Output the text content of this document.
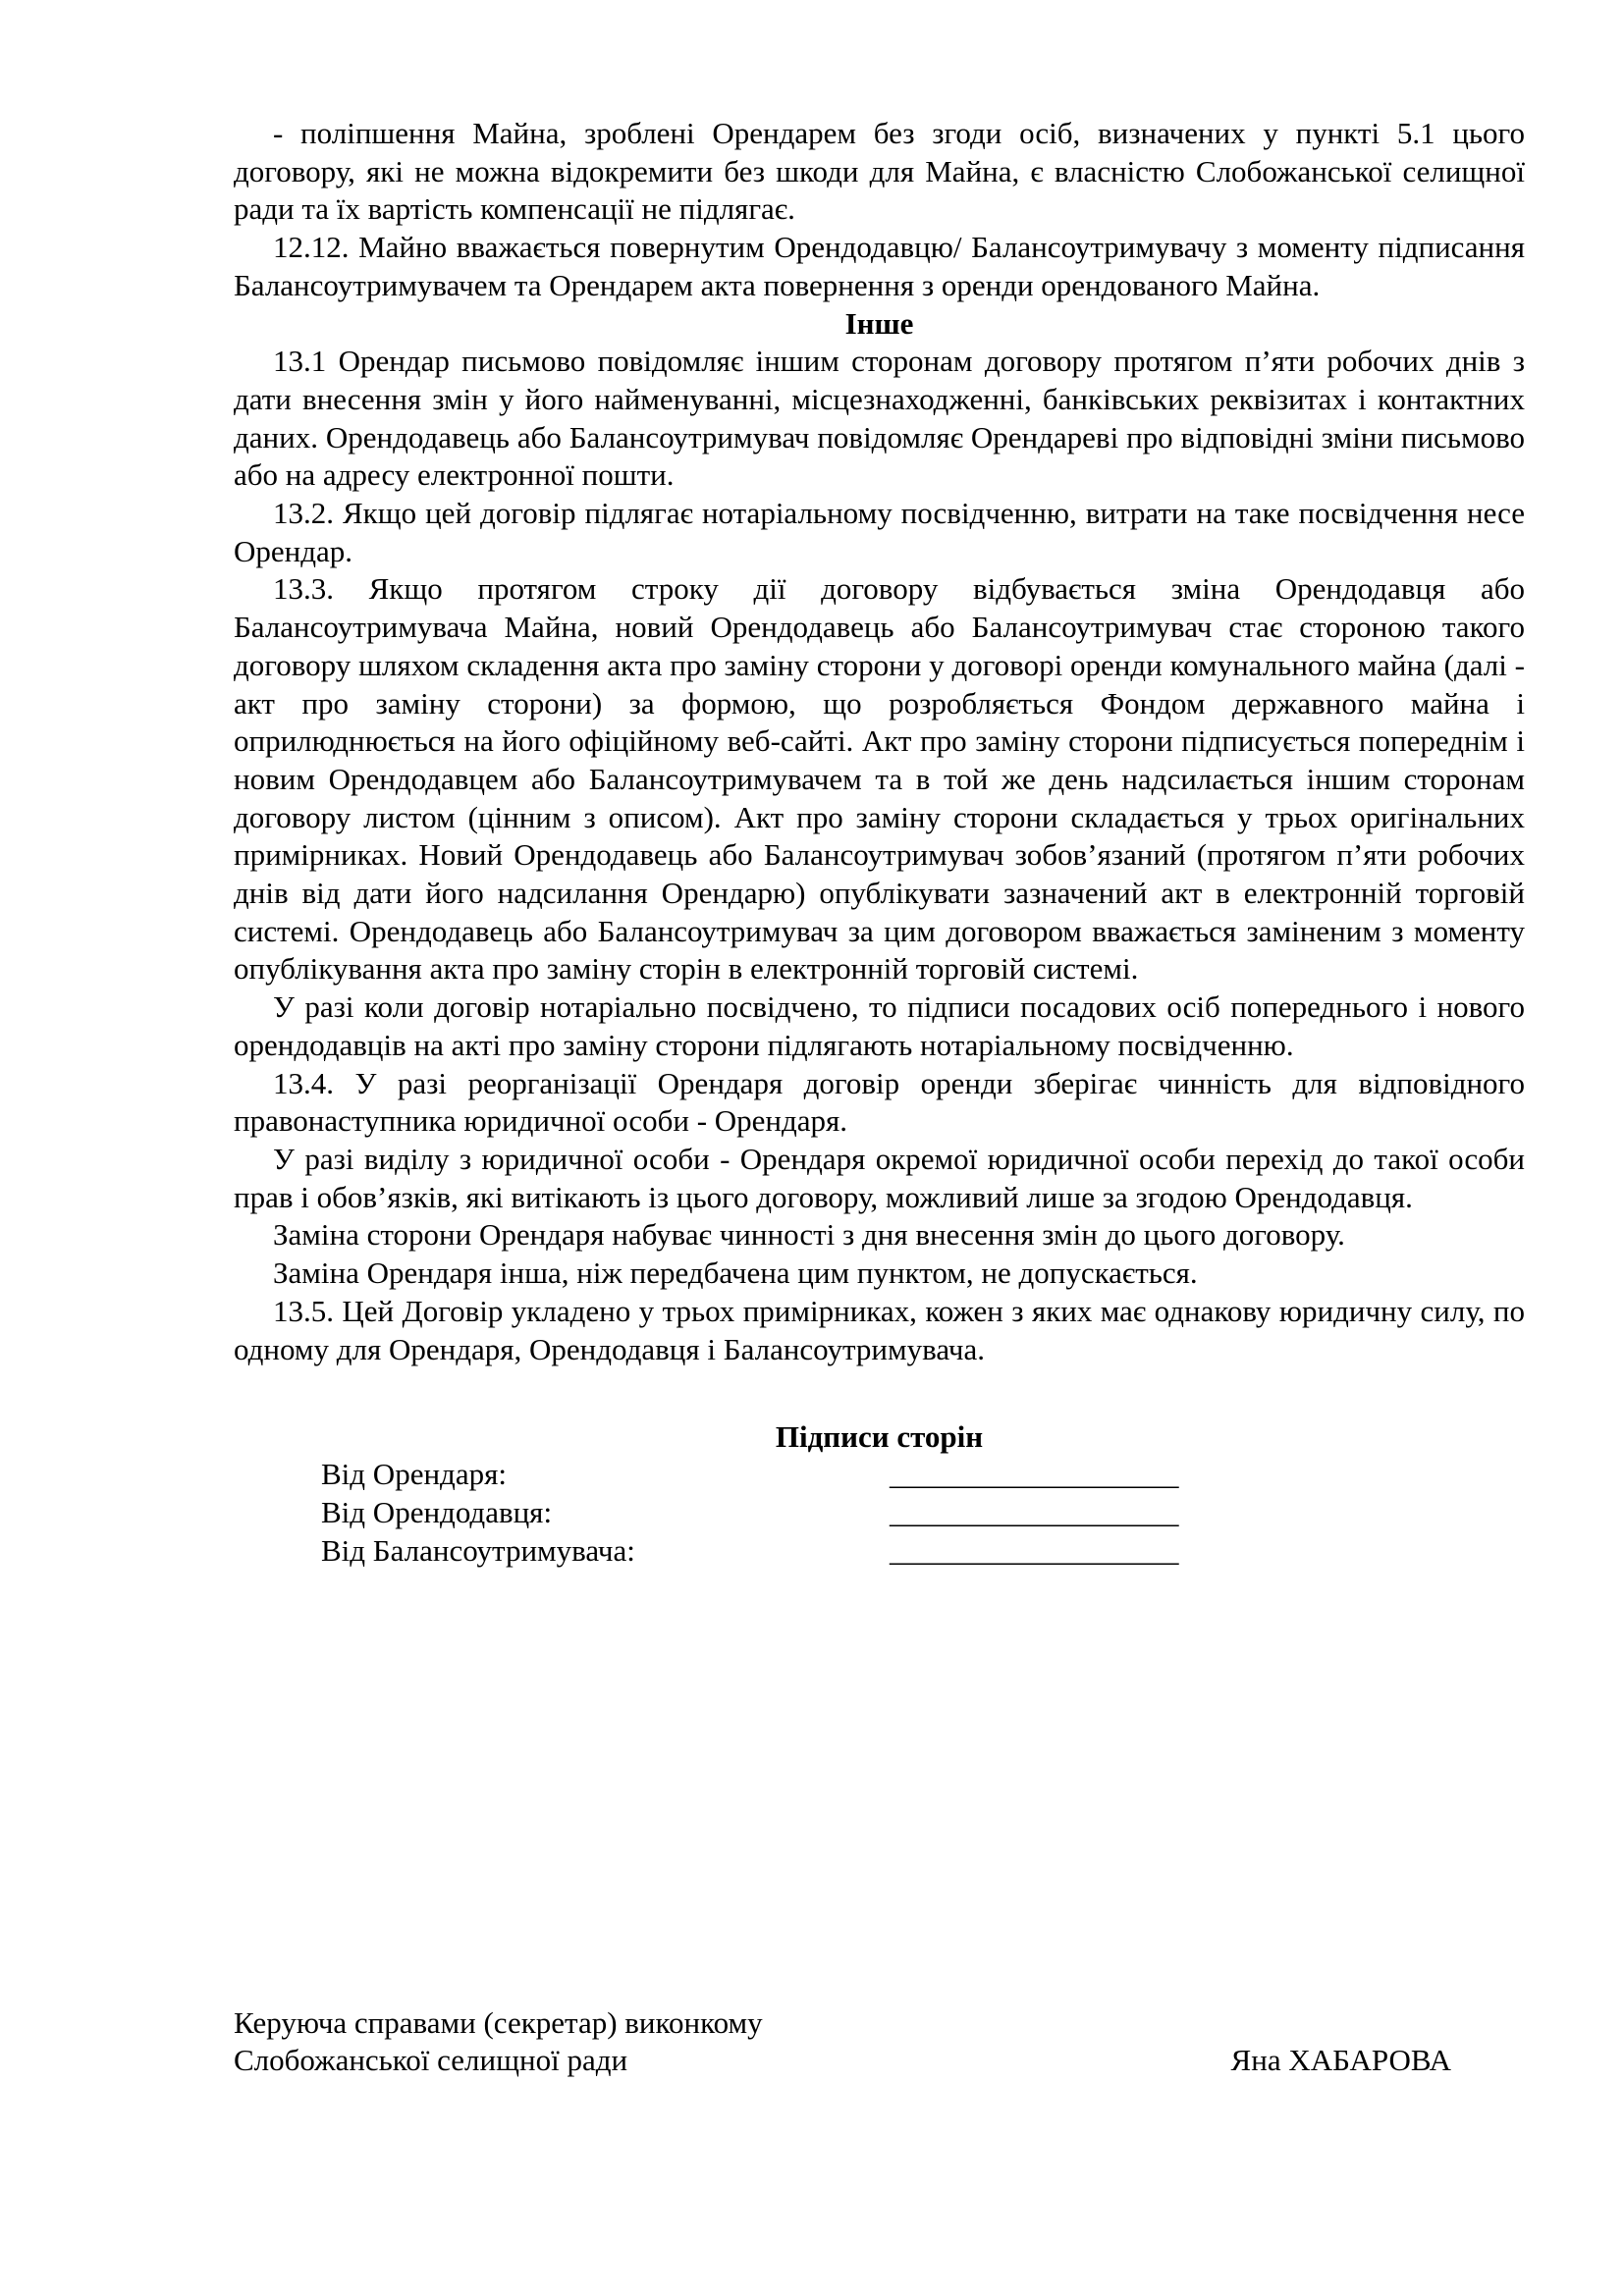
- поліпшення Майна, зроблені Орендарем без згоди осіб, визначених у пункті 5.1 цього договору, які не можна відокремити без шкоди для Майна, є власністю Слобожанської селищної ради та їх вартість компенсації не підлягає.

12.12. Майно вважається повернутим Орендодавцю/ Балансоутримувачу з моменту підписання Балансоутримувачем та Орендарем акта повернення з оренди орендованого Майна.

Інше

13.1 Орендар письмово повідомляє іншим сторонам договору протягом п’яти робочих днів з дати внесення змін у його найменуванні, місцезнаходженні, банківських реквізитах і контактних даних. Орендодавець або Балансоутримувач повідомляє Орендареві про відповідні зміни письмово або на адресу електронної пошти.

13.2. Якщо цей договір підлягає нотаріальному посвідченню, витрати на таке посвідчення несе Орендар.

13.3. Якщо протягом строку дії договору відбувається зміна Орендодавця або Балансоутримувача Майна, новий Орендодавець або Балансоутримувач стає стороною такого договору шляхом складення акта про заміну сторони у договорі оренди комунального майна (далі - акт про заміну сторони) за формою, що розробляється Фондом державного майна і оприлюднюється на його офіційному веб-сайті. Акт про заміну сторони підписується попереднім і новим Орендодавцем або Балансоутримувачем та в той же день надсилається іншим сторонам договору листом (цінним з описом). Акт про заміну сторони складається у трьох оригінальних примірниках. Новий Орендодавець або Балансоутримувач зобов’язаний (протягом п’яти робочих днів від дати його надсилання Орендарю) опублікувати зазначений акт в електронній торговій системі. Орендодавець або Балансоутримувач за цим договором вважається заміненим з моменту опублікування акта про заміну сторін в електронній торговій системі.

У разі коли договір нотаріально посвідчено, то підписи посадових осіб попереднього і нового орендодавців на акті про заміну сторони підлягають нотаріальному посвідченню.

13.4. У разі реорганізації Орендаря договір оренди зберігає чинність для відповідного правонаступника юридичної особи - Орендаря.

У разі виділу з юридичної особи - Орендаря окремої юридичної особи перехід до такої особи прав і обов’язків, які витікають із цього договору, можливий лише за згодою Орендодавця.

Заміна сторони Орендаря набуває чинності з дня внесення змін до цього договору.

Заміна Орендаря інша, ніж передбачена цим пунктом, не допускається.

13.5. Цей Договір укладено у трьох примірниках, кожен з яких має однакову юридичну силу, по одному для Орендаря, Орендодавця і Балансоутримувача.

Підписи сторін

Від Орендаря:	___________________
Від Орендодавця:	___________________
Від Балансоутримувача:	___________________
Керуюча справами (секретар) виконкому
Слобожанської селищної ради	Яна ХАБАРОВА
